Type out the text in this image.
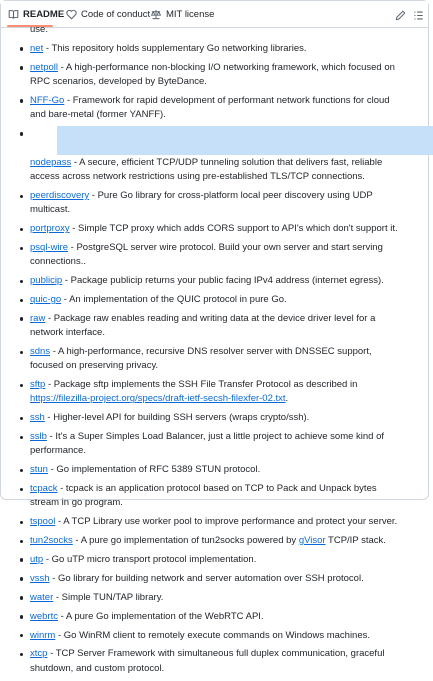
README Code of conduct MIT license
use.
net - This repository holds supplementary Go networking libraries.
netpoll - A high-performance non-blocking I/O networking framework, which focused on RPC scenarios, developed by ByteDance.
NFF-Go - Framework for rapid development of performant network functions for cloud and bare-metal (former YANFF).
nodepass - A secure, efficient TCP/UDP tunneling solution that delivers fast, reliable access across network restrictions using pre-established TLS/TCP connections.
peerdiscovery - Pure Go library for cross-platform local peer discovery using UDP multicast.
portproxy - Simple TCP proxy which adds CORS support to API's which don't support it.
psql-wire - PostgreSQL server wire protocol. Build your own server and start serving connections..
publicip - Package publicip returns your public facing IPv4 address (internet egress).
quic-go - An implementation of the QUIC protocol in pure Go.
raw - Package raw enables reading and writing data at the device driver level for a network interface.
sdns - A high-performance, recursive DNS resolver server with DNSSEC support, focused on preserving privacy.
sftp - Package sftp implements the SSH File Transfer Protocol as described in https://filezilla-project.org/specs/draft-ietf-secsh-filexfer-02.txt.
ssh - Higher-level API for building SSH servers (wraps crypto/ssh).
sslb - It's a Super Simples Load Balancer, just a little project to achieve some kind of performance.
stun - Go implementation of RFC 5389 STUN protocol.
tcpack - tcpack is an application protocol based on TCP to Pack and Unpack bytes stream in go program.
tspool - A TCP Library use worker pool to improve performance and protect your server.
tun2socks - A pure go implementation of tun2socks powered by gVisor TCP/IP stack.
utp - Go uTP micro transport protocol implementation.
vssh - Go library for building network and server automation over SSH protocol.
water - Simple TUN/TAP library.
webrtc - A pure Go implementation of the WebRTC API.
winrm - Go WinRM client to remotely execute commands on Windows machines.
xtcp - TCP Server Framework with simultaneous full duplex communication, graceful shutdown, and custom protocol.
